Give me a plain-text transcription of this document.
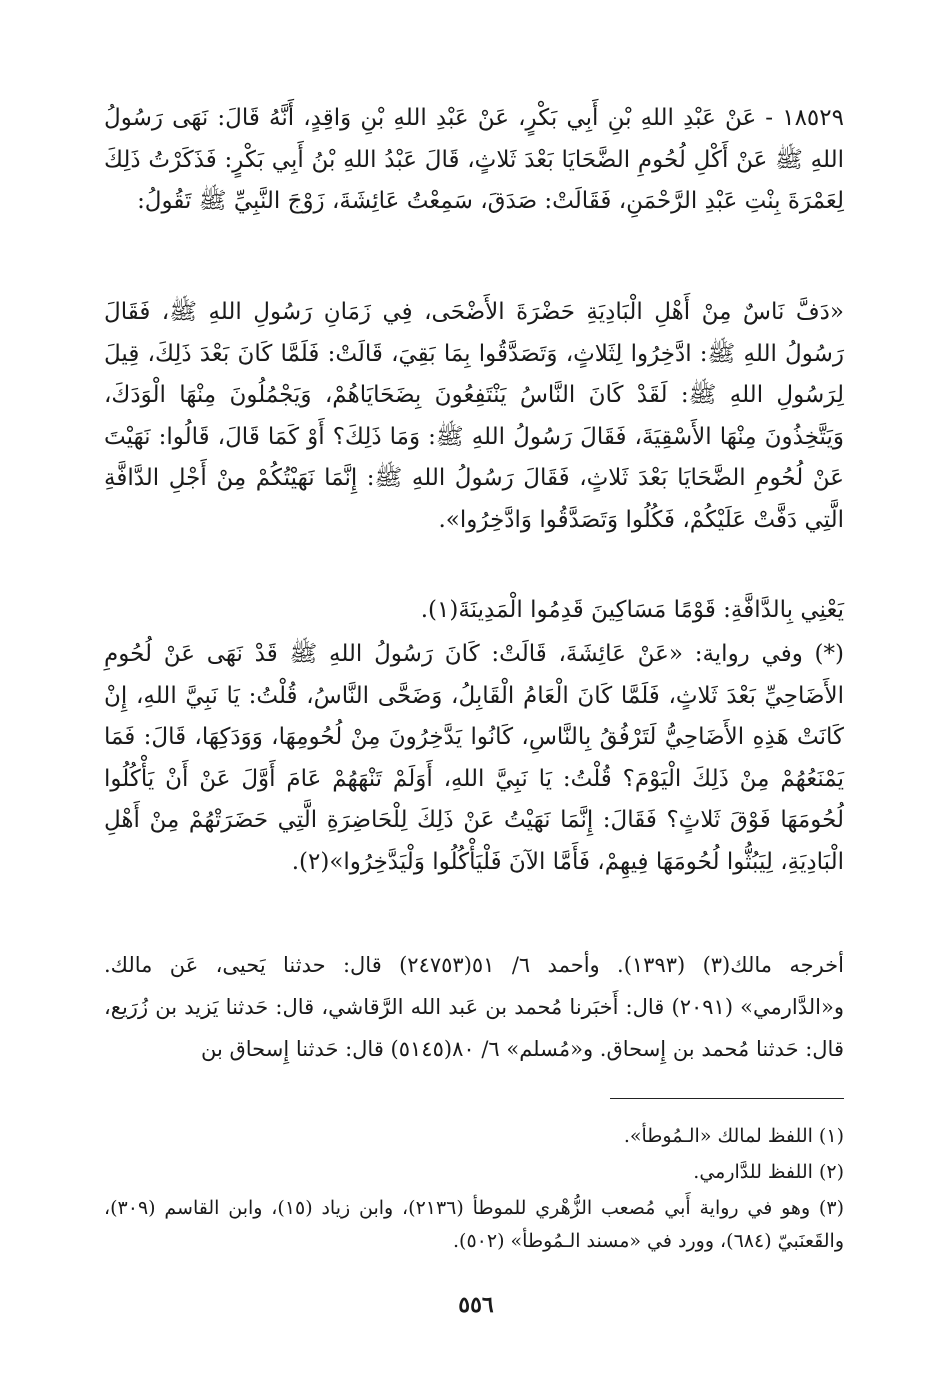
١٨٥٢٩ - عَنْ عَبْدِ اللهِ بْنِ أَبِي بَكْرٍ، عَنْ عَبْدِ اللهِ بْنِ وَاقِدٍ، أَنَّهُ قَالَ: نَهَى رَسُولُ اللهِ ﷺ عَنْ أَكْلِ لُحُومِ الضَّحَايَا بَعْدَ ثَلاثٍ، قَالَ عَبْدُ اللهِ بْنُ أَبِي بَكْرٍ: فَذَكَرْتُ ذَلِكَ لِعَمْرَةَ بِنْتِ عَبْدِ الرَّحْمَنِ، فَقَالَتْ: صَدَقَ، سَمِعْتُ عَائِشَةَ، زَوْجَ النَّبِيِّ ﷺ تَقُولُ:

«دَفَّ نَاسٌ مِنْ أَهْلِ الْبَادِيَةِ حَضْرَةَ الأَضْحَى، فِي زَمَانِ رَسُولِ اللهِ ﷺ، فَقَالَ رَسُولُ اللهِ ﷺ: ادَّخِرُوا لِثَلاثٍ، وَتَصَدَّقُوا بِمَا بَقِيَ، قَالَتْ: فَلَمَّا كَانَ بَعْدَ ذَلِكَ، قِيلَ لِرَسُولِ اللهِ ﷺ: لَقَدْ كَانَ النَّاسُ يَنْتَفِعُونَ بِضَحَايَاهُمْ، وَيَجْمُلُونَ مِنْهَا الْوَدَكَ، وَيَتَّخِذُونَ مِنْهَا الأَسْقِيَةَ، فَقَالَ رَسُولُ اللهِ ﷺ: وَمَا ذَلِكَ؟ أَوْ كَمَا قَالَ، قَالُوا: نَهَيْتَ عَنْ لُحُومِ الضَّحَايَا بَعْدَ ثَلاثٍ، فَقَالَ رَسُولُ اللهِ ﷺ: إِنَّمَا نَهَيْتُكُمْ مِنْ أَجْلِ الدَّافَّةِ الَّتِي دَفَّتْ عَلَيْكُمْ، فَكُلُوا وَتَصَدَّقُوا وَادَّخِرُوا».

يَعْنِي بِالدَّافَّةِ: قَوْمًا مَسَاكِينَ قَدِمُوا الْمَدِينَةَ(١).

(*) وفي رواية: «عَنْ عَائِشَةَ، قَالَتْ: كَانَ رَسُولُ اللهِ ﷺ قَدْ نَهَى عَنْ لُحُومِ الأَضَاحِيِّ بَعْدَ ثَلاثٍ، فَلَمَّا كَانَ الْعَامُ الْقَابِلُ، وَضَحَّى النَّاسُ، قُلْتُ: يَا نَبِيَّ اللهِ، إِنْ كَانَتْ هَذِهِ الأَضَاحِيُّ لَتَرْفُقُ بِالنَّاسِ، كَانُوا يَدَّخِرُونَ مِنْ لُحُومِهَا، وَوَدَكِهَا، قَالَ: فَمَا يَمْنَعُهُمْ مِنْ ذَلِكَ الْيَوْمَ؟ قُلْتُ: يَا نَبِيَّ اللهِ، أَوَلَمْ تَنْهَهُمْ عَامَ أَوَّلَ عَنْ أَنْ يَأْكُلُوا لُحُومَهَا فَوْقَ ثَلاثٍ؟ فَقَالَ: إِنَّمَا نَهَيْتُ عَنْ ذَلِكَ لِلْحَاضِرَةِ الَّتِي حَضَرَتْهُمْ مِنْ أَهْلِ الْبَادِيَةِ، لِيَبُثُّوا لُحُومَهَا فِيهِمْ، فَأَمَّا الآنَ فَلْيَأْكُلُوا وَلْيَدَّخِرُوا»(٢).

أخرجه مالك(٣) (١٣٩٣). وأحمد ٦/ ٥١(٢٤٧٥٣) قال: حدثنا يَحيى، عَن مالك. و«الدَّارمي» (٢٠٩١) قال: أَخبَرنا مُحمد بن عَبد الله الرَّقاشي، قال: حَدثنا يَزيد بن زُرَيع، قال: حَدثنا مُحمد بن إِسحاق. و«مُسلم» ٦/ ٨٠(٥١٤٥) قال: حَدثنا إِسحاق بن

(١) اللفظ لمالك «الـمُوطأ».

(٢) اللفظ للدَّارمي.

(٣) وهو في رواية أَبي مُصعب الزُّهْري للموطأ (٢١٣٦)، وابن زياد (١٥)، وابن القاسم (٣٠٩)، والقَعنَبيّ (٦٨٤)، وورد في «مسند الـمُوطأ» (٥٠٢).

٥٥٦
